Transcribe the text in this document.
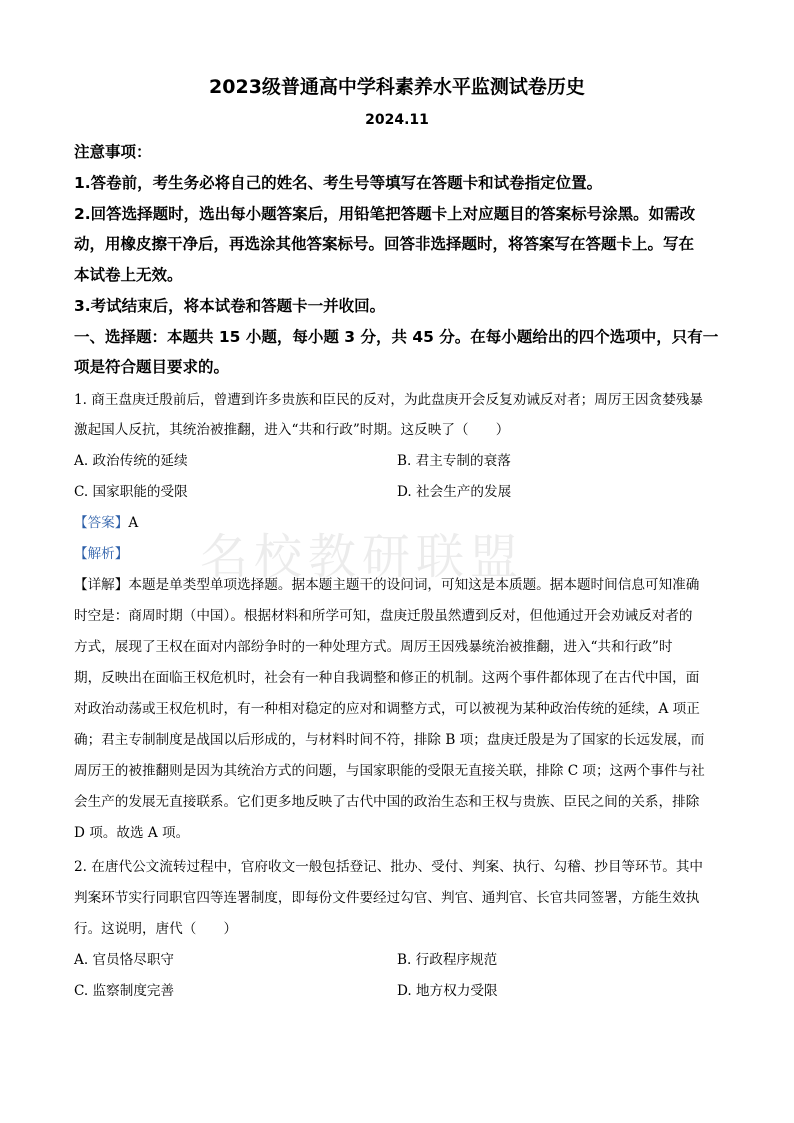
名校教研联盟
2023级普通高中学科素养水平监测试卷历史
2024.11
注意事项：
1.答卷前，考生务必将自己的姓名、考生号等填写在答题卡和试卷指定位置。
2.回答选择题时，选出每小题答案后，用铅笔把答题卡上对应题目的答案标号涂黑。如需改
动，用橡皮擦干净后，再选涂其他答案标号。回答非选择题时，将答案写在答题卡上。写在
本试卷上无效。
3.考试结束后，将本试卷和答题卡一并收回。
一、选择题：本题共 15 小题，每小题 3 分，共 45 分。在每小题给出的四个选项中，只有一
项是符合题目要求的。
1. 商王盘庚迁殷前后，曾遭到许多贵族和臣民的反对，为此盘庚开会反复劝诫反对者；周厉王因贪婪残暴
激起国人反抗，其统治被推翻，进入“共和行政”时期。这反映了（　　）
A. 政治传统的延续	B. 君主专制的衰落
C. 国家职能的受限	D. 社会生产的发展
【答案】A
【解析】
【详解】本题是单类型单项选择题。据本题主题干的设问词，可知这是本质题。据本题时间信息可知准确
时空是：商周时期（中国）。根据材料和所学可知，盘庚迁殷虽然遭到反对，但他通过开会劝诫反对者的
方式，展现了王权在面对内部纷争时的一种处理方式。周厉王因残暴统治被推翻，进入“共和行政”时
期，反映出在面临王权危机时，社会有一种自我调整和修正的机制。这两个事件都体现了在古代中国，面
对政治动荡或王权危机时，有一种相对稳定的应对和调整方式，可以被视为某种政治传统的延续，A 项正
确；君主专制制度是战国以后形成的，与材料时间不符，排除 B 项；盘庚迁殷是为了国家的长远发展，而
周厉王的被推翻则是因为其统治方式的问题，与国家职能的受限无直接关联，排除 C 项；这两个事件与社
会生产的发展无直接联系。它们更多地反映了古代中国的政治生态和王权与贵族、臣民之间的关系，排除
D 项。故选 A 项。
2. 在唐代公文流转过程中，官府收文一般包括登记、批办、受付、判案、执行、勾稽、抄目等环节。其中
判案环节实行同职官四等连署制度，即每份文件要经过勾官、判官、通判官、长官共同签署，方能生效执
行。这说明，唐代（　　）
A. 官员恪尽职守	B. 行政程序规范
C. 监察制度完善	D. 地方权力受限
